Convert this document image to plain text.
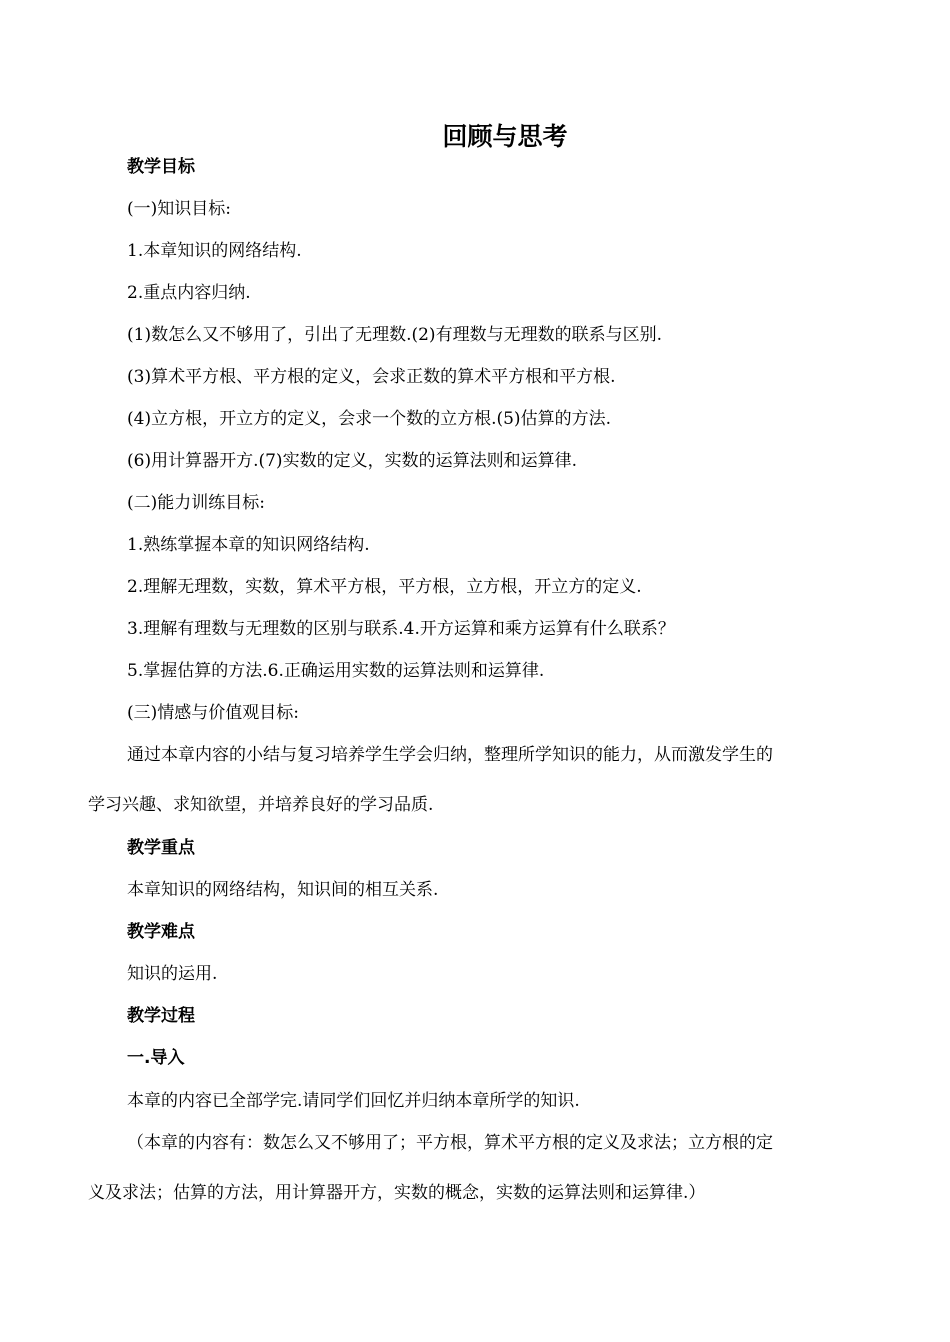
回顾与思考

教学目标

(一)知识目标:

1.本章知识的网络结构.

2.重点内容归纳.

(1)数怎么又不够用了，引出了无理数.(2)有理数与无理数的联系与区别.

(3)算术平方根、平方根的定义，会求正数的算术平方根和平方根.

(4)立方根，开立方的定义，会求一个数的立方根.(5)估算的方法.

(6)用计算器开方.(7)实数的定义，实数的运算法则和运算律.

(二)能力训练目标:

1.熟练掌握本章的知识网络结构.

2.理解无理数，实数，算术平方根，平方根，立方根，开立方的定义.

3.理解有理数与无理数的区别与联系.4.开方运算和乘方运算有什么联系？

5.掌握估算的方法.6.正确运用实数的运算法则和运算律.

(三)情感与价值观目标:

通过本章内容的小结与复习培养学生学会归纳，整理所学知识的能力，从而激发学生的

学习兴趣、求知欲望，并培养良好的学习品质.

教学重点

本章知识的网络结构，知识间的相互关系.

教学难点

知识的运用.

教学过程

一.导入

本章的内容已全部学完.请同学们回忆并归纳本章所学的知识.

（本章的内容有：数怎么又不够用了；平方根，算术平方根的定义及求法；立方根的定

义及求法；估算的方法，用计算器开方，实数的概念，实数的运算法则和运算律.）
